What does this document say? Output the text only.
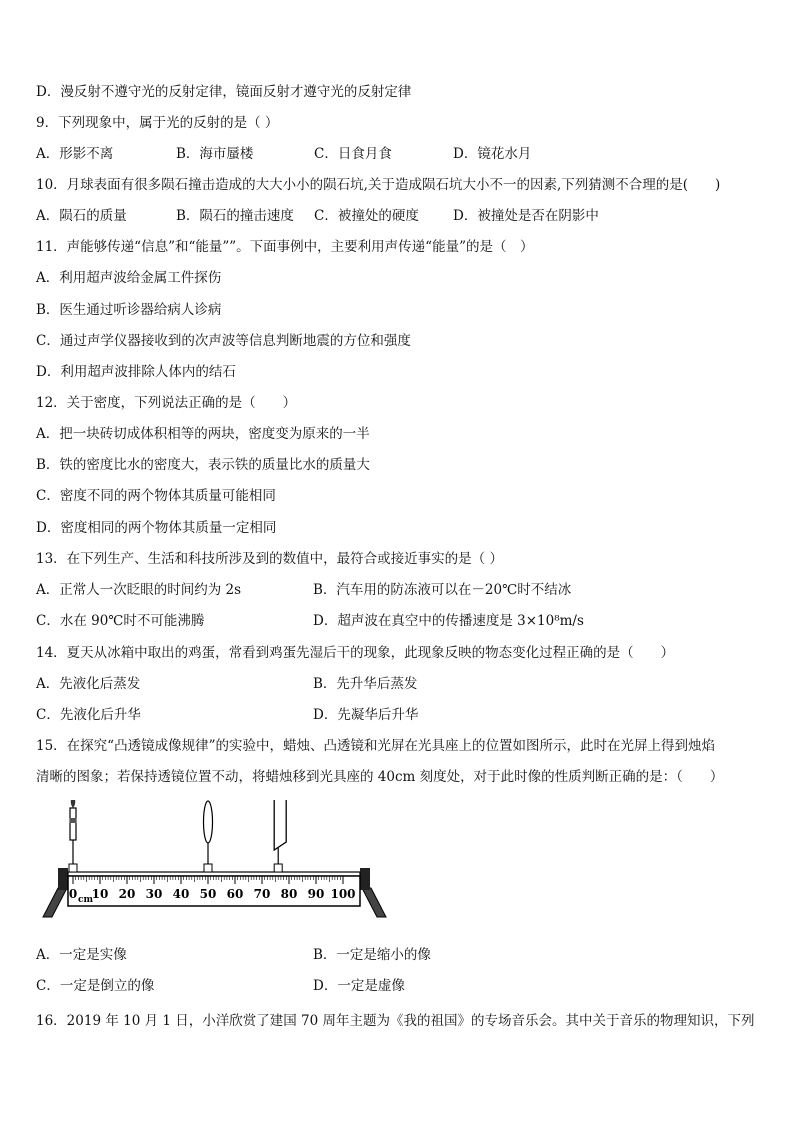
D．漫反射不遵守光的反射定律，镜面反射才遵守光的反射定律
9．下列现象中，属于光的反射的是（ ）
A．形影不离	B．海市蜃楼	C．日食月食	D．镜花水月
10．月球表面有很多陨石撞击造成的大大小小的陨石坑,关于造成陨石坑大小不一的因素,下列猜测不合理的是(　　)
A．陨石的质量	B．陨石的撞击速度 C．被撞处的硬度	D．被撞处是否在阴影中
11．声能够传递“信息”和“能量””。下面事例中，主要利用声传递“能量”的是（　）
A．利用超声波给金属工件探伤
B．医生通过听诊器给病人诊病
C．通过声学仪器接收到的次声波等信息判断地震的方位和强度
D．利用超声波排除人体内的结石
12．关于密度，下列说法正确的是（　　）
A．把一块砖切成体积相等的两块，密度变为原来的一半
B．铁的密度比水的密度大，表示铁的质量比水的质量大
C．密度不同的两个物体其质量可能相同
D．密度相同的两个物体其质量一定相同
13．在下列生产、生活和科技所涉及到的数值中，最符合或接近事实的是（ ）
A．正常人一次眨眼的时间约为 2s	B．汽车用的防冻液可以在－20℃时不结冰
C．水在 90℃时不可能沸腾	D．超声波在真空中的传播速度是 3×10⁸m/s
14．夏天从冰箱中取出的鸡蛋，常看到鸡蛋先湿后干的现象，此现象反映的物态变化过程正确的是（　　）
A．先液化后蒸发	B．先升华后蒸发
C．先液化后升华	D．先凝华后升华
15．在探究“凸透镜成像规律”的实验中，蜡烛、凸透镜和光屏在光具座上的位置如图所示，此时在光屏上得到烛焰
清晰的图象；若保持透镜位置不动，将蜡烛移到光具座的 40cm 刻度处，对于此时像的性质判断正确的是：（　　）
0 10 20 30 40 50 60 70 80 90 100
cm
A．一定是实像	B．一定是缩小的像
C．一定是倒立的像	D．一定是虚像
16．2019 年 10 月 1 日，小洋欣赏了建国 70 周年主题为《我的祖国》的专场音乐会。其中关于音乐的物理知识，下列
